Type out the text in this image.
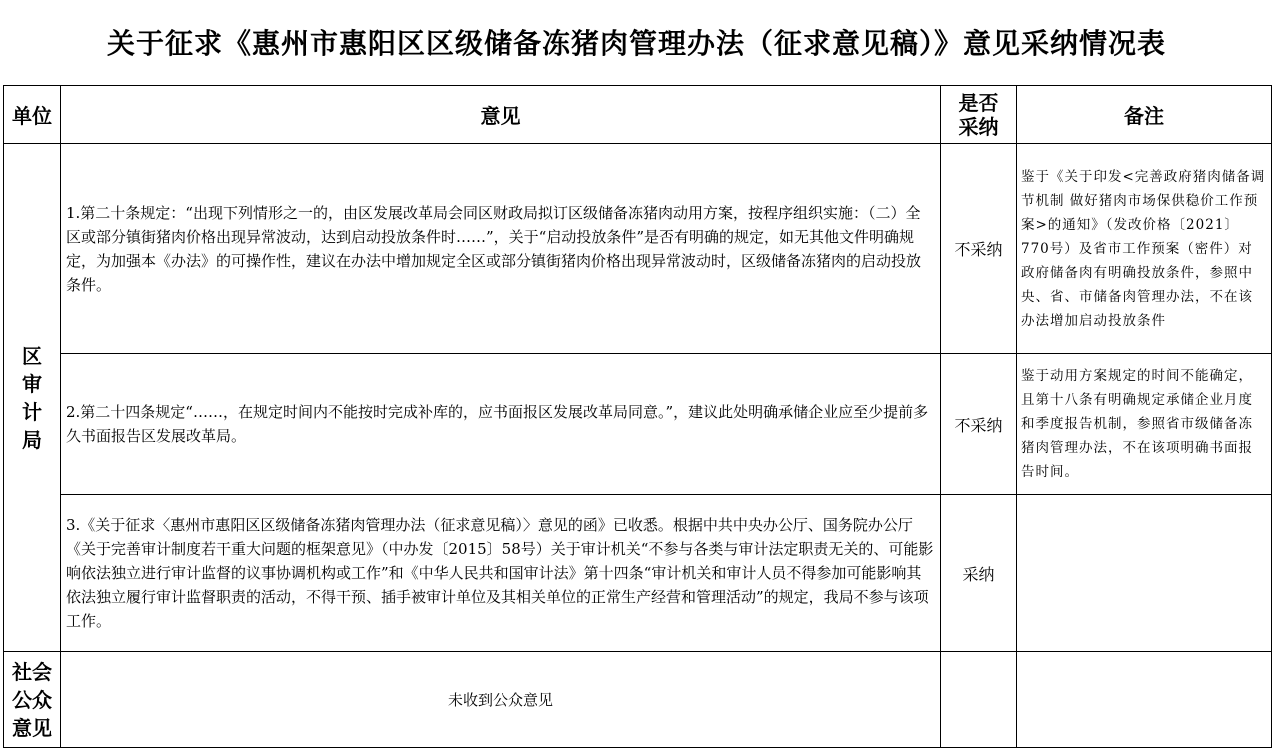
关于征求《惠州市惠阳区区级储备冻猪肉管理办法（征求意见稿）》意见采纳情况表
单位	意见	是否采纳	备注
区审计局	1.第二十条规定：“出现下列情形之一的，由区发展改革局会同区财政局拟订区级储备冻猪肉动用方案，按程序组织实施：（二）全区或部分镇街猪肉价格出现异常波动，达到启动投放条件时……”，关于“启动投放条件”是否有明确的规定，如无其他文件明确规定，为加强本《办法》的可操作性，建议在办法中增加规定全区或部分镇街猪肉价格出现异常波动时，区级储备冻猪肉的启动投放条件。	不采纳	鉴于《关于印发<完善政府猪肉储备调节机制 做好猪肉市场保供稳价工作预案>的通知》（发改价格〔2021〕770号）及省市工作预案（密件）对政府储备肉有明确投放条件，参照中央、省、市储备肉管理办法，不在该办法增加启动投放条件
	2.第二十四条规定“……，在规定时间内不能按时完成补库的，应书面报区发展改革局同意。”，建议此处明确承储企业应至少提前多久书面报告区发展改革局。	不采纳	鉴于动用方案规定的时间不能确定，且第十八条有明确规定承储企业月度和季度报告机制，参照省市级储备冻猪肉管理办法，不在该项明确书面报告时间。
	3.《关于征求〈惠州市惠阳区区级储备冻猪肉管理办法（征求意见稿）〉意见的函》已收悉。根据中共中央办公厅、国务院办公厅《关于完善审计制度若干重大问题的框架意见》（中办发〔2015〕58号）关于审计机关“不参与各类与审计法定职责无关的、可能影响依法独立进行审计监督的议事协调机构或工作”和《中华人民共和国审计法》第十四条“审计机关和审计人员不得参加可能影响其依法独立履行审计监督职责的活动，不得干预、插手被审计单位及其相关单位的正常生产经营和管理活动”的规定，我局不参与该项工作。	采纳	
社会公众意见	未收到公众意见		
